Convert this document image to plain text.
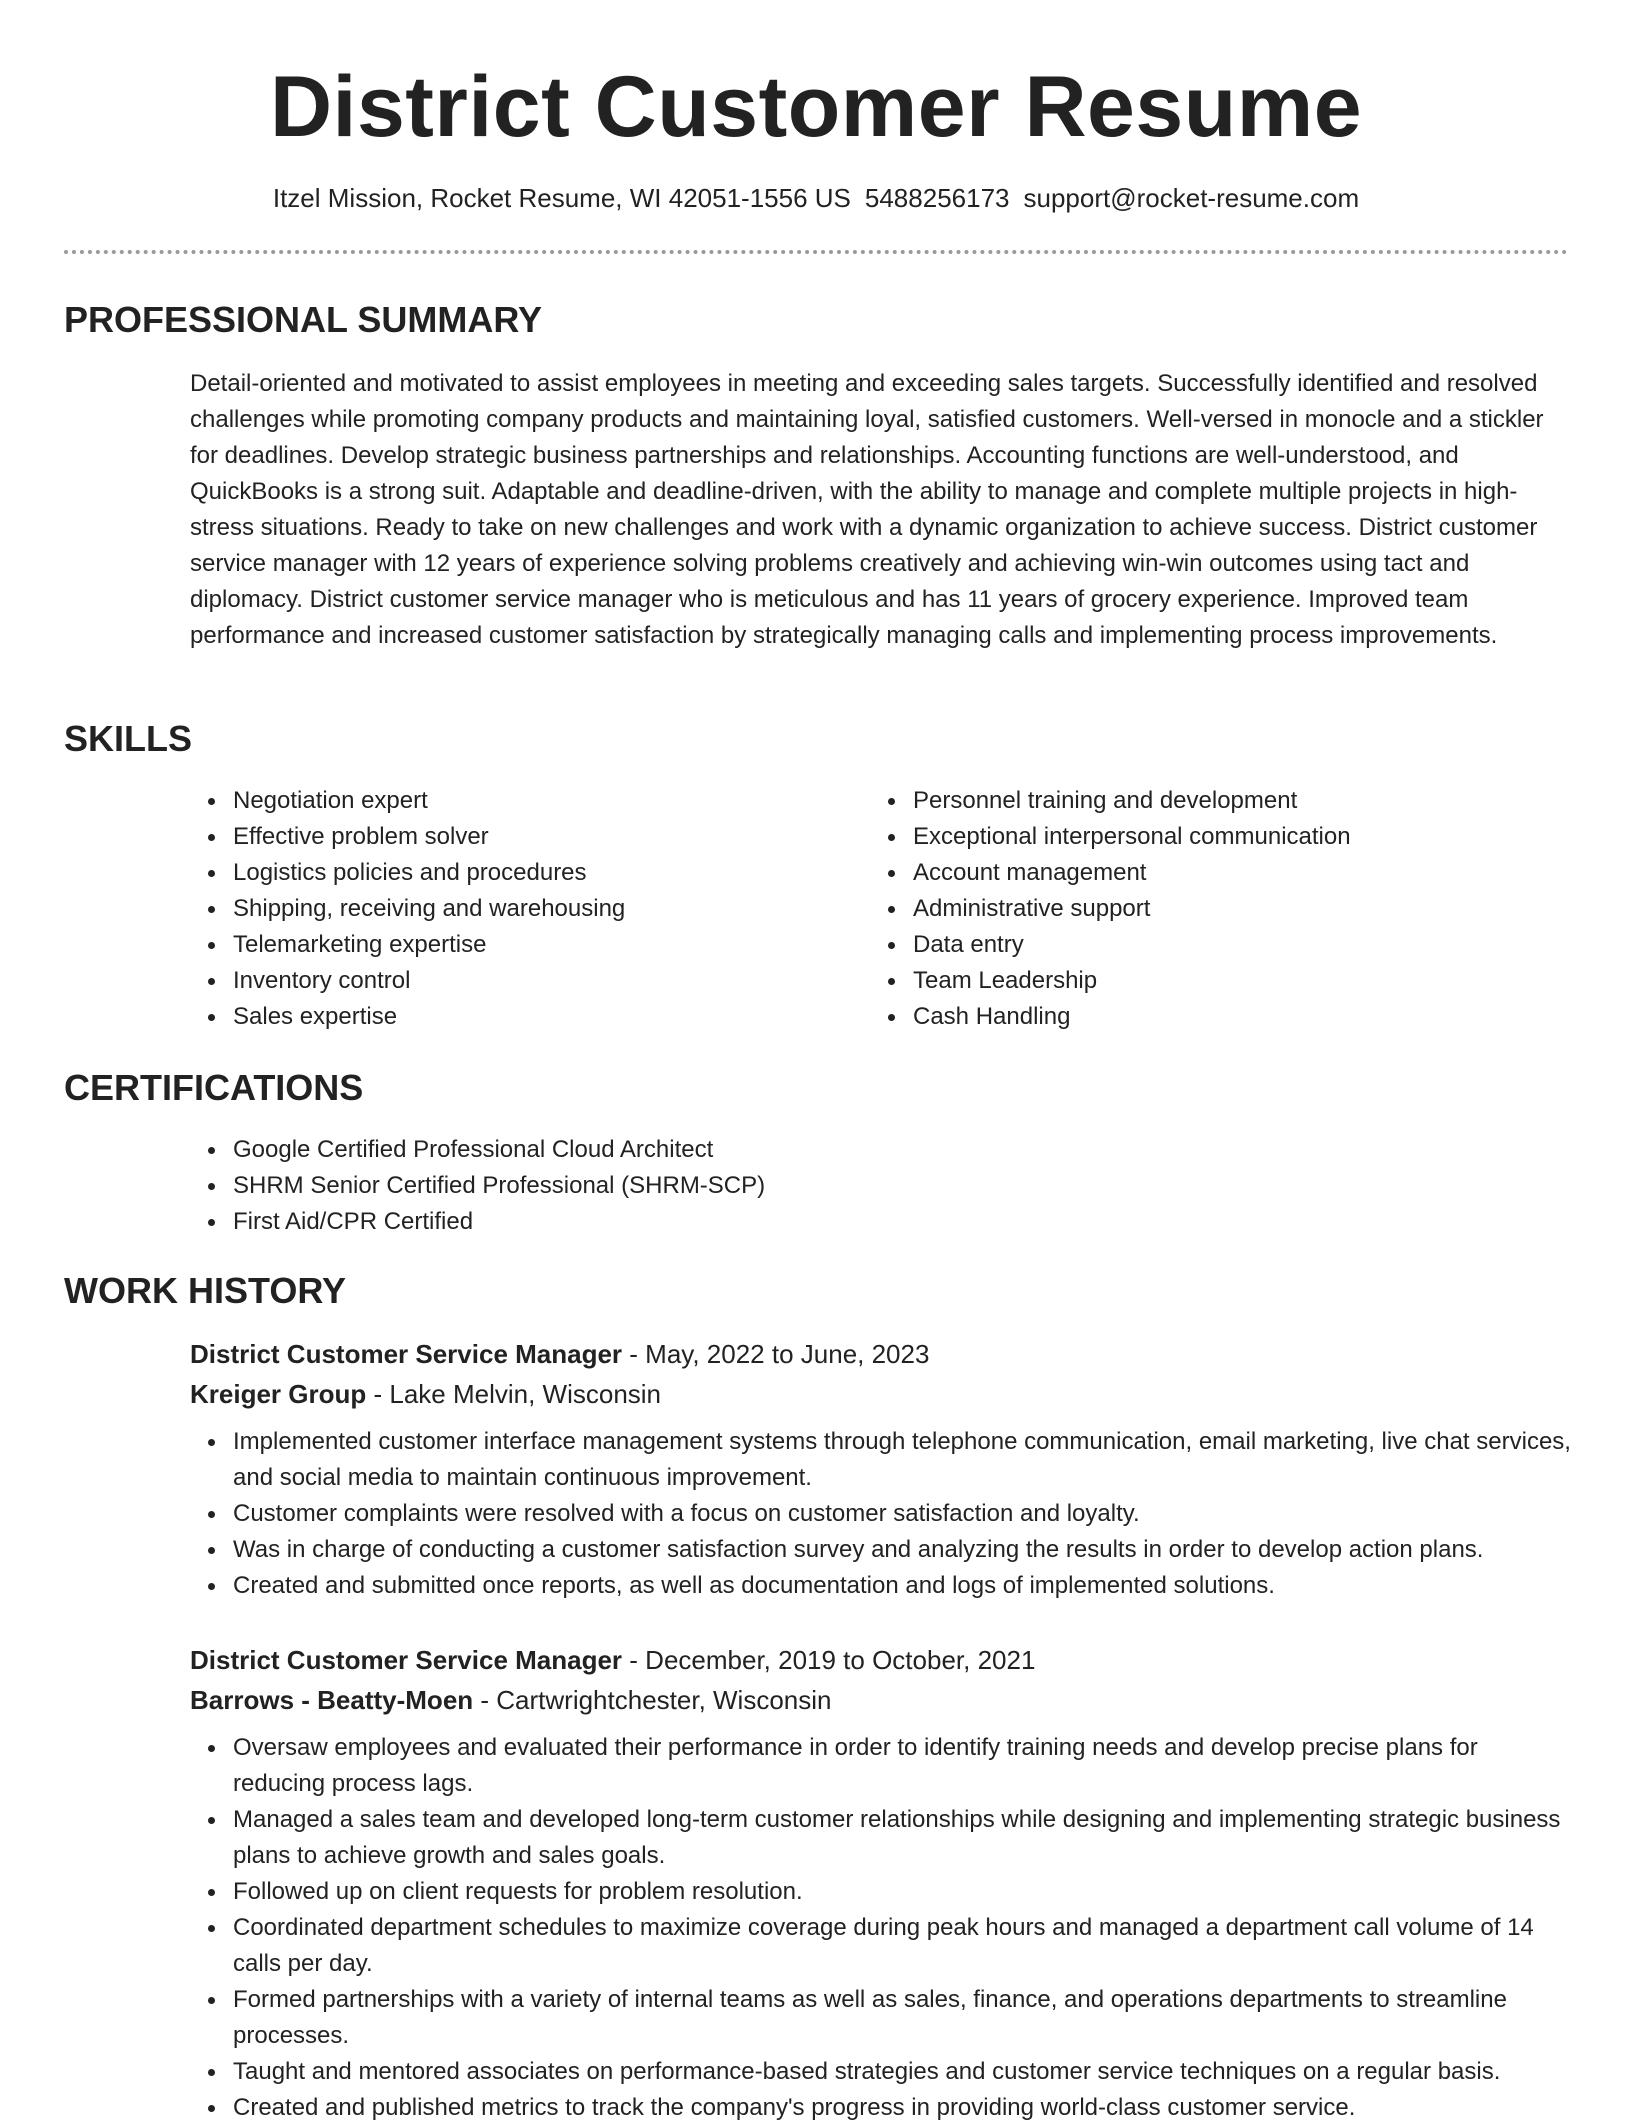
District Customer Resume
Itzel Mission, Rocket Resume, WI 42051-1556 US 5488256173 support@rocket-resume.com
PROFESSIONAL SUMMARY

Detail-oriented and motivated to assist employees in meeting and exceeding sales targets. Successfully identified and resolved challenges while promoting company products and maintaining loyal, satisfied customers. Well-versed in monocle and a stickler for deadlines. Develop strategic business partnerships and relationships. Accounting functions are well-understood, and QuickBooks is a strong suit. Adaptable and deadline-driven, with the ability to manage and complete multiple projects in high-stress situations. Ready to take on new challenges and work with a dynamic organization to achieve success. District customer service manager with 12 years of experience solving problems creatively and achieving win-win outcomes using tact and diplomacy. District customer service manager who is meticulous and has 11 years of grocery experience. Improved team performance and increased customer satisfaction by strategically managing calls and implementing process improvements.

SKILLS
Negotiation expert
Effective problem solver
Logistics policies and procedures
Shipping, receiving and warehousing
Telemarketing expertise
Inventory control
Sales expertise
Personnel training and development
Exceptional interpersonal communication
Account management
Administrative support
Data entry
Team Leadership
Cash Handling
CERTIFICATIONS
Google Certified Professional Cloud Architect
SHRM Senior Certified Professional (SHRM-SCP)
First Aid/CPR Certified
WORK HISTORY
District Customer Service Manager - May, 2022 to June, 2023
Kreiger Group - Lake Melvin, Wisconsin
Implemented customer interface management systems through telephone communication, email marketing, live chat services, and social media to maintain continuous improvement.
Customer complaints were resolved with a focus on customer satisfaction and loyalty.
Was in charge of conducting a customer satisfaction survey and analyzing the results in order to develop action plans.
Created and submitted once reports, as well as documentation and logs of implemented solutions.
District Customer Service Manager - December, 2019 to October, 2021
Barrows - Beatty-Moen - Cartwrightchester, Wisconsin
Oversaw employees and evaluated their performance in order to identify training needs and develop precise plans for reducing process lags.
Managed a sales team and developed long-term customer relationships while designing and implementing strategic business plans to achieve growth and sales goals.
Followed up on client requests for problem resolution.
Coordinated department schedules to maximize coverage during peak hours and managed a department call volume of 14 calls per day.
Formed partnerships with a variety of internal teams as well as sales, finance, and operations departments to streamline processes.
Taught and mentored associates on performance-based strategies and customer service techniques on a regular basis.
Created and published metrics to track the company's progress in providing world-class customer service.
